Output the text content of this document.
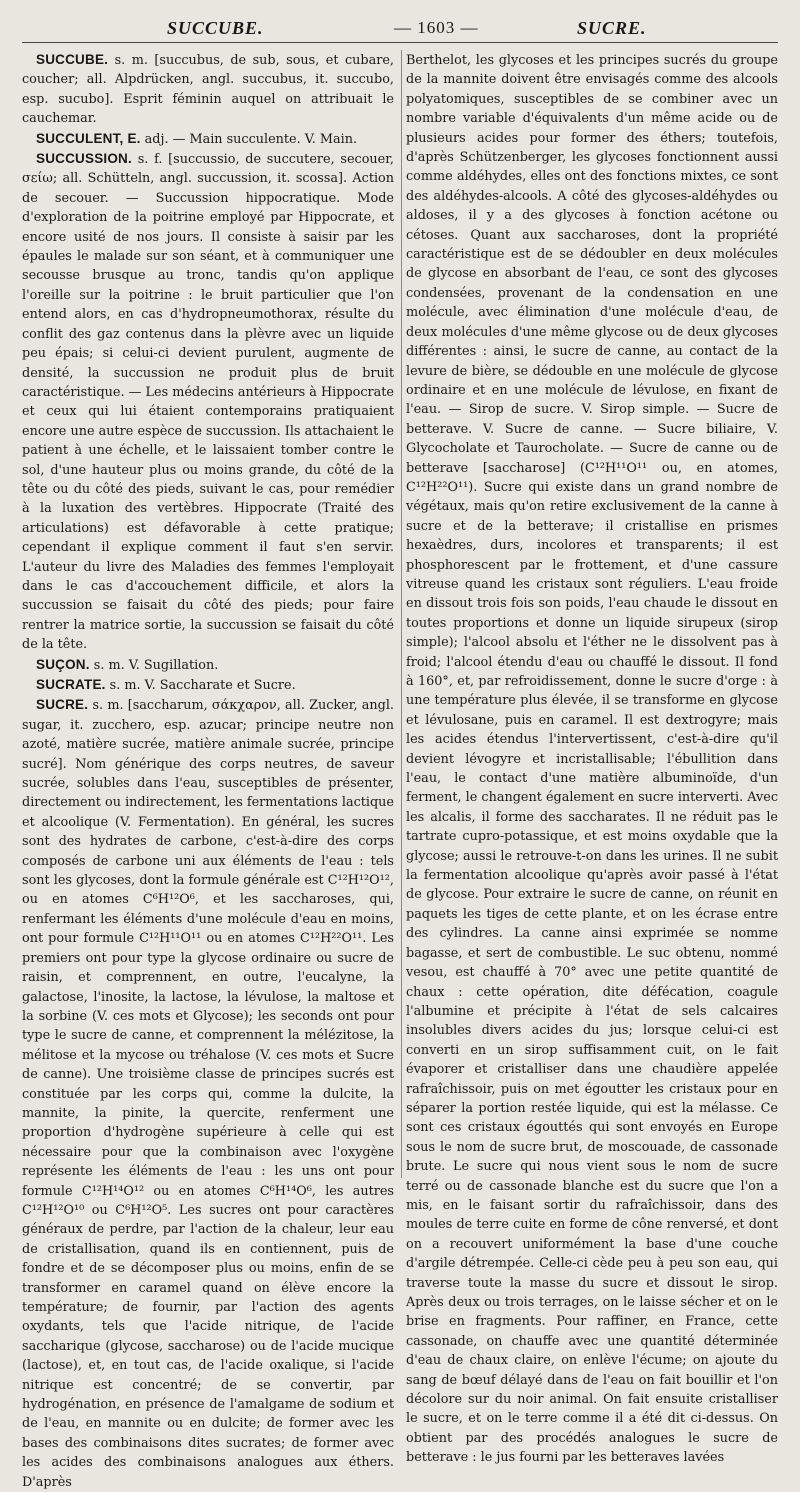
SUCCUBE.	— 1603 —	SUCRE.

SUCCUBE. s. m. [succubus, de sub, sous, et cubare, coucher; all. Alpdrücken, angl. succubus, it. succubo, esp. sucubo]. Esprit féminin auquel on attribuait le cauchemar.

SUCCULENT, E. adj. — Main succulente. V. Main.

SUCCUSSION. s. f. [succussio, de succutere, secouer, σείω; all. Schütteln, angl. succussion, it. scossa]. Action de secouer. — Succussion hippocratique. Mode d'exploration de la poitrine employé par Hippocrate, et encore usité de nos jours. Il consiste à saisir par les épaules le malade sur son séant, et à communiquer une secousse brusque au tronc, tandis qu'on applique l'oreille sur la poitrine : le bruit particulier que l'on entend alors, en cas d'hydropneumothorax, résulte du conflit des gaz contenus dans la plèvre avec un liquide peu épais; si celui-ci devient purulent, augmente de densité, la succussion ne produit plus de bruit caractéristique. — Les médecins antérieurs à Hippocrate et ceux qui lui étaient contemporains pratiquaient encore une autre espèce de succussion. Ils attachaient le patient à une échelle, et le laissaient tomber contre le sol, d'une hauteur plus ou moins grande, du côté de la tête ou du côté des pieds, suivant le cas, pour remédier à la luxation des vertèbres. Hippocrate (Traité des articulations) est défavorable à cette pratique; cependant il explique comment il faut s'en servir. L'auteur du livre des Maladies des femmes l'employait dans le cas d'accouchement difficile, et alors la succussion se faisait du côté des pieds; pour faire rentrer la matrice sortie, la succussion se faisait du côté de la tête.

SUÇON. s. m. V. Sugillation.

SUCRATE. s. m. V. Saccharate et Sucre.

SUCRE. s. m. [saccharum, σάκχαρον, all. Zucker, angl. sugar, it. zucchero, esp. azucar; principe neutre non azoté, matière sucrée, matière animale sucrée, principe sucré]. Nom générique des corps neutres, de saveur sucrée, solubles dans l'eau, susceptibles de présenter, directement ou indirectement, les fermentations lactique et alcoolique (V. Fermentation). En général, les sucres sont des hydrates de carbone, c'est-à-dire des corps composés de carbone uni aux éléments de l'eau : tels sont les glycoses, dont la formule générale est C¹²H¹²O¹², ou en atomes C⁶H¹²O⁶, et les saccharoses, qui, renfermant les éléments d'une molécule d'eau en moins, ont pour formule C¹²H¹¹O¹¹ ou en atomes C¹²H²²O¹¹. Les premiers ont pour type la glycose ordinaire ou sucre de raisin, et comprennent, en outre, l'eucalyne, la galactose, l'inosite, la lactose, la lévulose, la maltose et la sorbine (V. ces mots et Glycose); les seconds ont pour type le sucre de canne, et comprennent la mélézitose, la mélitose et la mycose ou tréhalose (V. ces mots et Sucre de canne). Une troisième classe de principes sucrés est constituée par les corps qui, comme la dulcite, la mannite, la pinite, la quercite, renferment une proportion d'hydrogène supérieure à celle qui est nécessaire pour que la combinaison avec l'oxygène représente les éléments de l'eau : les uns ont pour formule C¹²H¹⁴O¹² ou en atomes C⁶H¹⁴O⁶, les autres C¹²H¹²O¹⁰ ou C⁶H¹²O⁵. Les sucres ont pour caractères généraux de perdre, par l'action de la chaleur, leur eau de cristallisation, quand ils en contiennent, puis de fondre et de se décomposer plus ou moins, enfin de se transformer en caramel quand on élève encore la température; de fournir, par l'action des agents oxydants, tels que l'acide nitrique, de l'acide saccharique (glycose, saccharose) ou de l'acide mucique (lactose), et, en tout cas, de l'acide oxalique, si l'acide nitrique est concentré; de se convertir, par hydrogénation, en présence de l'amalgame de sodium et de l'eau, en mannite ou en dulcite; de former avec les bases des combinaisons dites sucrates; de former avec les acides des combinaisons analogues aux éthers. D'après

Berthelot, les glycoses et les principes sucrés du groupe de la mannite doivent être envisagés comme des alcools polyatomiques, susceptibles de se combiner avec un nombre variable d'équivalents d'un même acide ou de plusieurs acides pour former des éthers; toutefois, d'après Schützenberger, les glycoses fonctionnent aussi comme aldéhydes, elles ont des fonctions mixtes, ce sont des aldéhydes-alcools. A côté des glycoses-aldéhydes ou aldoses, il y a des glycoses à fonction acétone ou cétoses. Quant aux saccharoses, dont la propriété caractéristique est de se dédoubler en deux molécules de glycose en absorbant de l'eau, ce sont des glycoses condensées, provenant de la condensation en une molécule, avec élimination d'une molécule d'eau, de deux molécules d'une même glycose ou de deux glycoses différentes : ainsi, le sucre de canne, au contact de la levure de bière, se dédouble en une molécule de glycose ordinaire et en une molécule de lévulose, en fixant de l'eau. — Sirop de sucre. V. Sirop simple. — Sucre de betterave. V. Sucre de canne. — Sucre biliaire, V. Glycocholate et Taurocholate. — Sucre de canne ou de betterave [saccharose] (C¹²H¹¹O¹¹ ou, en atomes, C¹²H²²O¹¹). Sucre qui existe dans un grand nombre de végétaux, mais qu'on retire exclusivement de la canne à sucre et de la betterave; il cristallise en prismes hexaèdres, durs, incolores et transparents; il est phosphorescent par le frottement, et d'une cassure vitreuse quand les cristaux sont réguliers. L'eau froide en dissout trois fois son poids, l'eau chaude le dissout en toutes proportions et donne un liquide sirupeux (sirop simple); l'alcool absolu et l'éther ne le dissolvent pas à froid; l'alcool étendu d'eau ou chauffé le dissout. Il fond à 160°, et, par refroidissement, donne le sucre d'orge : à une température plus élevée, il se transforme en glycose et lévulosane, puis en caramel. Il est dextrogyre; mais les acides étendus l'intervertissent, c'est-à-dire qu'il devient lévogyre et incristallisable; l'ébullition dans l'eau, le contact d'une matière albuminoïde, d'un ferment, le changent également en sucre interverti. Avec les alcalis, il forme des saccharates. Il ne réduit pas le tartrate cupro-potassique, et est moins oxydable que la glycose; aussi le retrouve-t-on dans les urines. Il ne subit la fermentation alcoolique qu'après avoir passé à l'état de glycose. Pour extraire le sucre de canne, on réunit en paquets les tiges de cette plante, et on les écrase entre des cylindres. La canne ainsi exprimée se nomme bagasse, et sert de combustible. Le suc obtenu, nommé vesou, est chauffé à 70° avec une petite quantité de chaux : cette opération, dite défécation, coagule l'albumine et précipite à l'état de sels calcaires insolubles divers acides du jus; lorsque celui-ci est converti en un sirop suffisamment cuit, on le fait évaporer et cristalliser dans une chaudière appelée rafraîchissoir, puis on met égoutter les cristaux pour en séparer la portion restée liquide, qui est la mélasse. Ce sont ces cristaux égouttés qui sont envoyés en Europe sous le nom de sucre brut, de moscouade, de cassonade brute. Le sucre qui nous vient sous le nom de sucre terré ou de cassonade blanche est du sucre que l'on a mis, en le faisant sortir du rafraîchissoir, dans des moules de terre cuite en forme de cône renversé, et dont on a recouvert uniformément la base d'une couche d'argile détrempée. Celle-ci cède peu à peu son eau, qui traverse toute la masse du sucre et dissout le sirop. Après deux ou trois terrages, on le laisse sécher et on le brise en fragments. Pour raffiner, en France, cette cassonade, on chauffe avec une quantité déterminée d'eau de chaux claire, on enlève l'écume; on ajoute du sang de bœuf délayé dans de l'eau on fait bouillir et l'on décolore sur du noir animal. On fait ensuite cristalliser le sucre, et on le terre comme il a été dit ci-dessus. On obtient par des procédés analogues le sucre de betterave : le jus fourni par les betteraves lavées
